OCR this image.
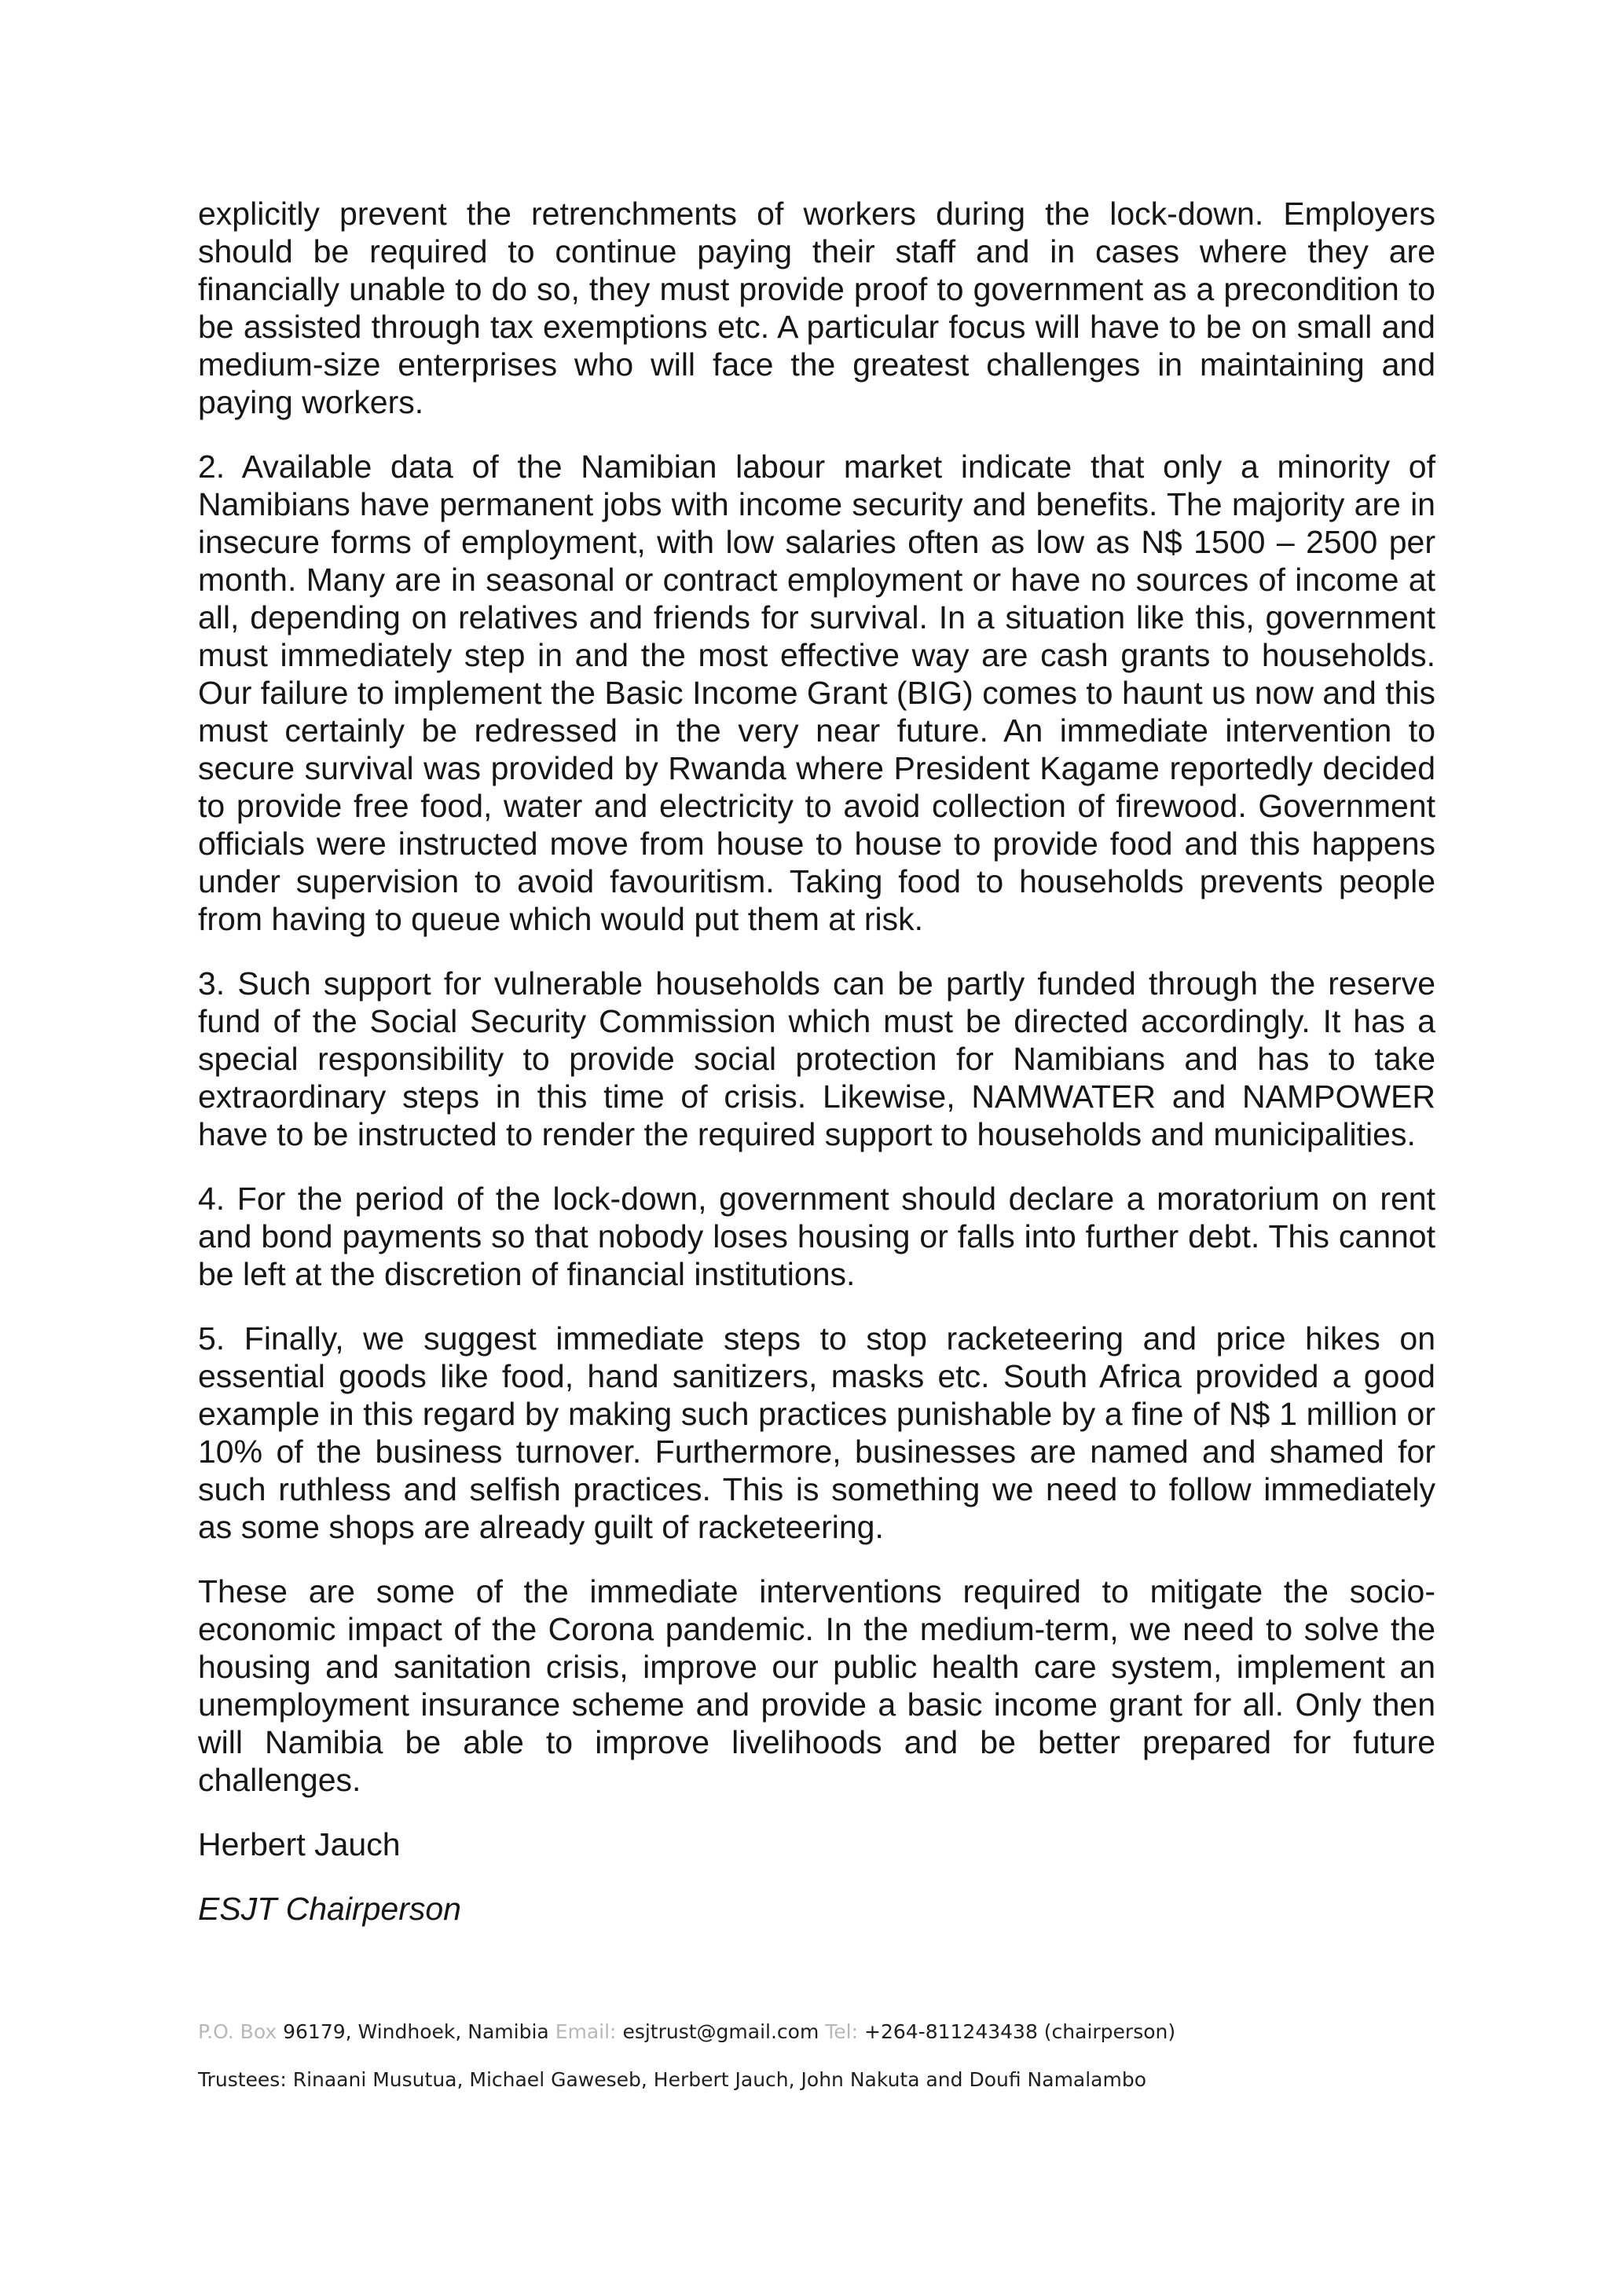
explicitly prevent the retrenchments of workers during the lock-down. Employers should be required to continue paying their staff and in cases where they are financially unable to do so, they must provide proof to government as a precondition to be assisted through tax exemptions etc. A particular focus will have to be on small and medium-size enterprises who will face the greatest challenges in maintaining and paying workers.

2. Available data of the Namibian labour market indicate that only a minority of Namibians have permanent jobs with income security and benefits. The majority are in insecure forms of employment, with low salaries often as low as N$ 1500 – 2500 per month. Many are in seasonal or contract employment or have no sources of income at all, depending on relatives and friends for survival. In a situation like this, government must immediately step in and the most effective way are cash grants to households. Our failure to implement the Basic Income Grant (BIG) comes to haunt us now and this must certainly be redressed in the very near future. An immediate intervention to secure survival was provided by Rwanda where President Kagame reportedly decided to provide free food, water and electricity to avoid collection of firewood. Government officials were instructed move from house to house to provide food and this happens under supervision to avoid favouritism. Taking food to households prevents people from having to queue which would put them at risk.

3. Such support for vulnerable households can be partly funded through the reserve fund of the Social Security Commission which must be directed accordingly. It has a special responsibility to provide social protection for Namibians and has to take extraordinary steps in this time of crisis. Likewise, NAMWATER and NAMPOWER have to be instructed to render the required support to households and municipalities.

4. For the period of the lock-down, government should declare a moratorium on rent and bond payments so that nobody loses housing or falls into further debt. This cannot be left at the discretion of financial institutions.

5. Finally, we suggest immediate steps to stop racketeering and price hikes on essential goods like food, hand sanitizers, masks etc. South Africa provided a good example in this regard by making such practices punishable by a fine of N$ 1 million or 10% of the business turnover. Furthermore, businesses are named and shamed for such ruthless and selfish practices. This is something we need to follow immediately as some shops are already guilt of racketeering.

These are some of the immediate interventions required to mitigate the socio-economic impact of the Corona pandemic. In the medium-term, we need to solve the housing and sanitation crisis, improve our public health care system, implement an unemployment insurance scheme and provide a basic income grant for all. Only then will Namibia be able to improve livelihoods and be better prepared for future challenges.

Herbert Jauch

ESJT Chairperson

P.O. Box 96179, Windhoek, Namibia Email: esjtrust@gmail.com Tel: +264-811243438 (chairperson)
Trustees: Rinaani Musutua, Michael Gaweseb, Herbert Jauch, John Nakuta and Doufi Namalambo
